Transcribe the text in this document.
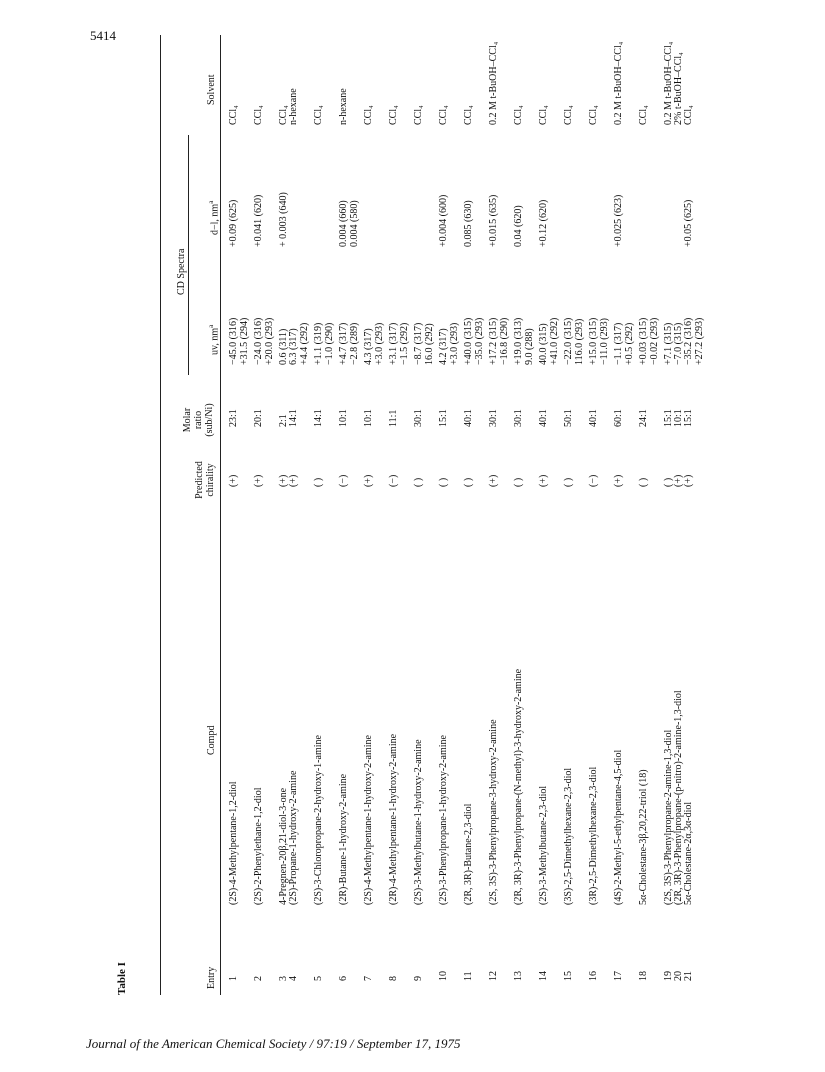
5414
Table I	Entry
Compd
Predicted chirality
Molar ratio (sub/Ni)
CD Spectra
uv, $nm^a$
d−l, $nm^a$
Solvent
1
(2S)-4-Methylpentane-1,2-diol
(+)
23:1
−45.0 (316) +31.5 (294)
+0.09 (625)
CCl₄
2
(2S)-2-Phenylethane-1,2-diol
(+)
20:1
−24.0 (316) +20.0 (293)
+0.041 (620)
CCl₄
3
4-Pregnen-20β,21-diol-3-one
(+)
2:1
0.6 (311)
+ 0.003 (640)
CCl₄
4
(2S)-Propane-1-hydroxy-2-amine
(+)
14:1
6.3 (317) +4.4 (292)
n-hexane
5
(2S)-3-Chloropropane-2-hydroxy-1-amine
( )
14:1
+1.1 (319) −1.0 (290)
CCl₄
6
(2R)-Butane-1-hydroxy-2-amine
(−)
10:1
+4.7 (317) −2.8 (289)
0.004 (660) 0.004 (580)
n-hexane
7
(2S)-4-Methylpentane-1-hydroxy-2-amine
(+)
10:1
4.3 (317) +3.0 (293)
CCl₄
8
(2R)-4-Methylpentane-1-hydroxy-2-amine
(−)
11:1
+3.1 (317) −1.5 (292)
CCl₄
9
(2S)-3-Methylbutane-1-hydroxy-2-amine
( )
30:1
−8.7 (317) 16.0 (292)
CCl₄
10
(2S)-3-Phenylpropane-1-hydroxy-2-amine
( )
15:1
4.2 (317) +3.0 (293)
+0.004 (600)
CCl₄
11
(2R, 3R)-Butane-2,3-diol
( )
40:1
+40.0 (315) −35.0 (293)
0.085 (630)
CCl₄
12
(2S, 3S)-3-Phenylpropane-3-hydroxy-2-amine
(+)
30:1
+17.2 (315) −16.8 (290)
+0.015 (635)
0.2 M t-BuOH–CCl₄
13
(2R, 3R)-3-Phenylpropane-(N-methyl)-3-hydroxy-2-amine
( )
30:1
+19.0 (313) 9.0 (288)
0.04 (620)
CCl₄
14
(2S)-3-Methylbutane-2,3-diol
(+)
40:1
40.0 (315) +41.0 (292)
+0.12 (620)
CCl₄
15
(3S)-2,5-Dimethylhexane-2,3-diol
( )
50:1
−22.0 (315) 116.0 (293)
CCl₄
16
(3R)-2,5-Dimethylhexane-2,3-diol
(−)
40:1
+15.0 (315) −11.0 (293)
CCl₄
17
(4S)-2-Methyl-5-ethylpentane-4,5-diol
(+)
60:1
−1.1 (317) +0.5 (292)
+0.025 (623)
0.2 M t-BuOH–CCl₄
18
5α-Cholestane-3β,20,22-triol (18)
( )
24:1
+0.03 (315) −0.02 (293)
CCl₄
19
(2S, 3S)-3-Phenylpropane-2-amine-1,3-diol
( )
15:1
+7.1 (315)
0.2 M t-BuOH–CCl₄
20
(2R, 3R)-3-Phenylpropane-(p-nitro)-2-amine-1,3-diol
(+)
10:1
−7.0 (315)
2% t-BuOH–CCl₄
21
5α-Cholestane-2α,3α-diol
(+)
15:1
−35.2 (316) +27.2 (293)
+0.05 (625)
CCl₄
Journal of the American Chemical Society / 97:19 / September 17, 1975
